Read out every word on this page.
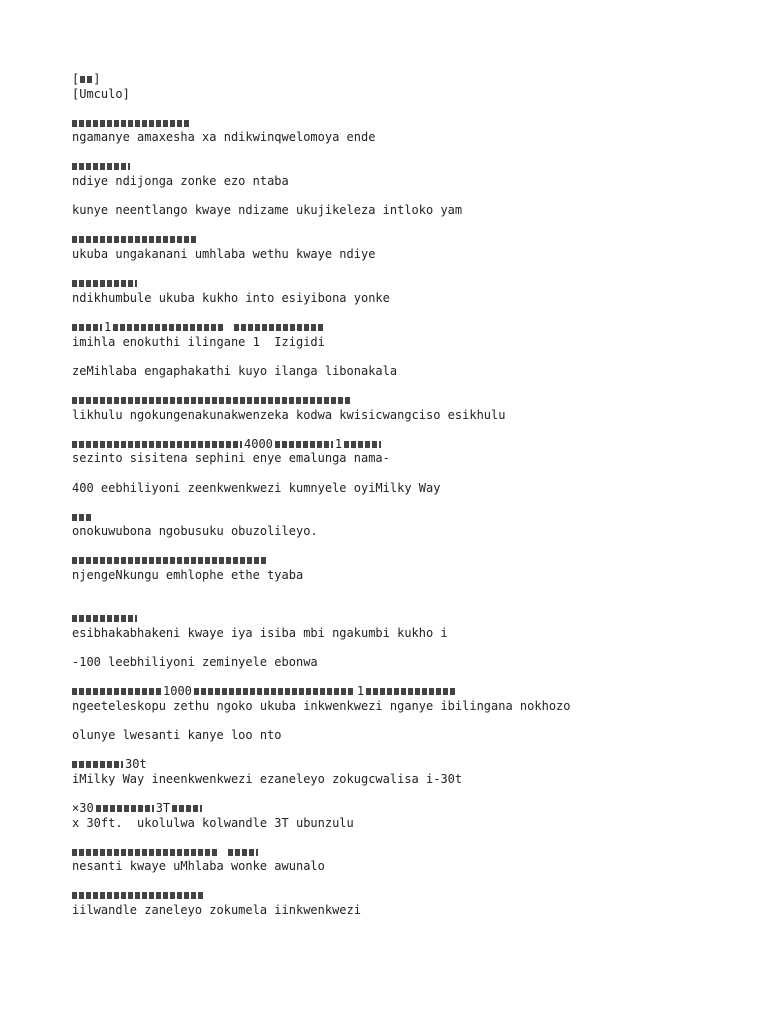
[ ]
[Umculo]
ngamanye amaxesha xa ndikwinqwelomoya ende
ndiye ndijonga zonke ezo ntaba
kunye neentlango kwaye ndizame ukujikeleza intloko yam
ukuba ungakanani umhlaba wethu kwaye ndiye
ndikhumbule ukuba kukho into esiyibona yonke
1
imihla enokuthi ilingane 1  Izigidi
zeMihlaba engaphakathi kuyo ilanga libonakala
likhulu ngokungenakunakwenzeka kodwa kwisicwangciso esikhulu
4000	1
sezinto sisitena sephini enye emalunga nama-
400 eebhiliyoni zeenkwenkwezi kumnyele oyiMilky Way
onokuwubona ngobusuku obuzolileyo.
njengeNkungu emhlophe ethe tyaba
esibhakabhakeni kwaye iya isiba mbi ngakumbi kukho i
-100 leebhiliyoni zeminyele ebonwa
1000	1
ngeeteleskopu zethu ngoko ukuba inkwenkwezi nganye ibilingana nokhozo
olunye lwesanti kanye loo nto
30t
iMilky Way ineenkwenkwezi ezaneleyo zokugcwalisa i-30t
×30	3T
x 30ft.  ukolulwa kolwandle 3T ubunzulu
nesanti kwaye uMhlaba wonke awunalo
iilwandle zaneleyo zokumela iinkwenkwezi
